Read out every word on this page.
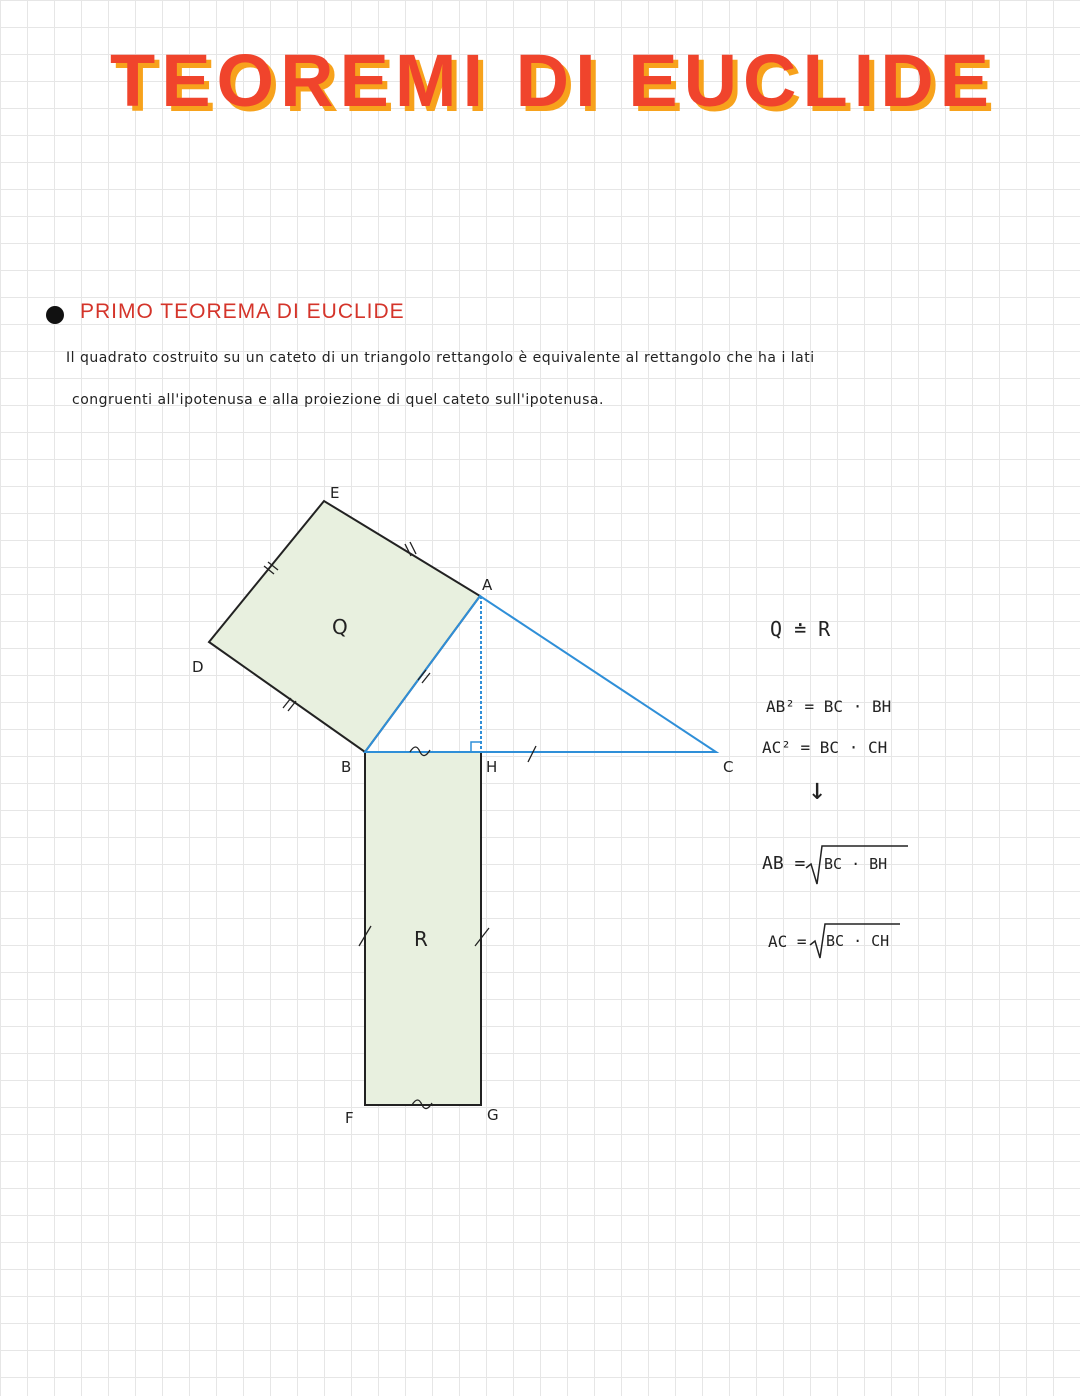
TEOREMI DI EUCLIDE
PRIMO TEOREMA DI EUCLIDE
Il quadrato costruito su un cateto di un triangolo rettangolo è equivalente al rettangolo che ha i lati
congruenti all'ipotenusa e alla proiezione di quel cateto sull'ipotenusa.
A
B	C
D
E
F	G
H
Q
R
Q ≐ R
AB² = BC · BH
AC² = BC · CH
↓
AB = BC · BH
AC = BC · CH
